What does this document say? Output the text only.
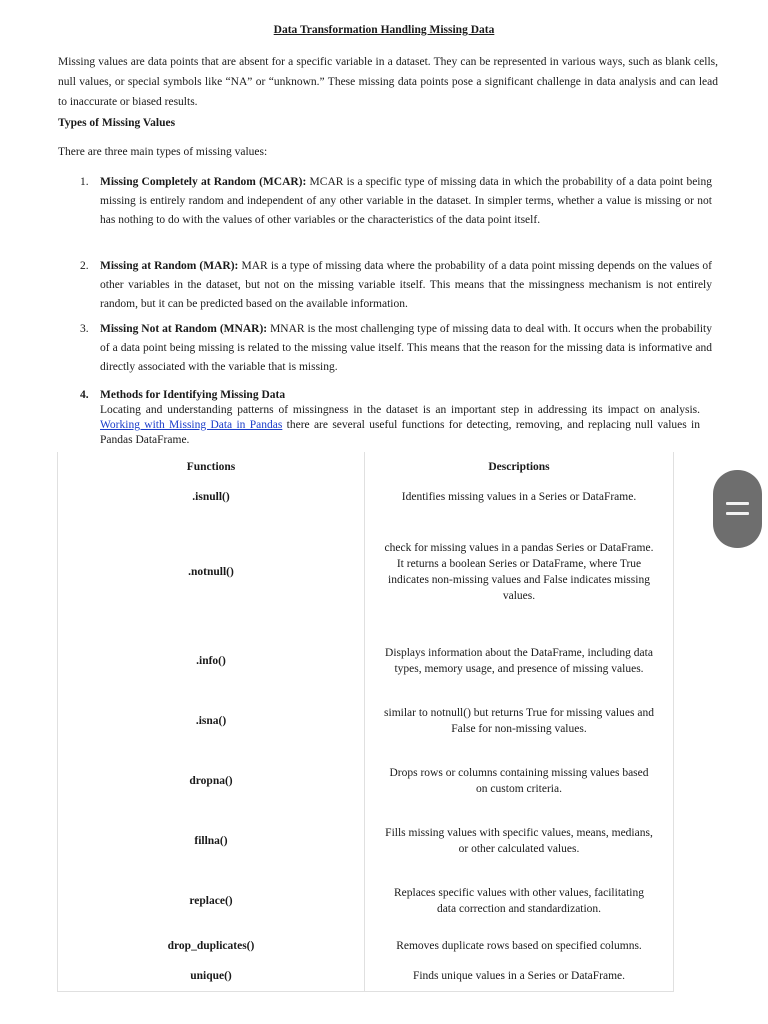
Data Transformation Handling Missing Data
Missing values are data points that are absent for a specific variable in a dataset. They can be represented in various ways, such as blank cells, null values, or special symbols like “NA” or “unknown.” These missing data points pose a significant challenge in data analysis and can lead to inaccurate or biased results.
Types of Missing Values
There are three main types of missing values:
1. Missing Completely at Random (MCAR): MCAR is a specific type of missing data in which the probability of a data point being missing is entirely random and independent of any other variable in the dataset. In simpler terms, whether a value is missing or not has nothing to do with the values of other variables or the characteristics of the data point itself.
2. Missing at Random (MAR): MAR is a type of missing data where the probability of a data point missing depends on the values of other variables in the dataset, but not on the missing variable itself. This means that the missingness mechanism is not entirely random, but it can be predicted based on the available information.
3. Missing Not at Random (MNAR): MNAR is the most challenging type of missing data to deal with. It occurs when the probability of a data point being missing is related to the missing value itself. This means that the reason for the missing data is informative and directly associated with the variable that is missing.
4. Methods for Identifying Missing Data
Locating and understanding patterns of missingness in the dataset is an important step in addressing its impact on analysis. Working with Missing Data in Pandas there are several useful functions for detecting, removing, and replacing null values in Pandas DataFrame.
Functions	Descriptions
.isnull()	Identifies missing values in a Series or DataFrame.
.notnull()	check for missing values in a pandas Series or DataFrame. It returns a boolean Series or DataFrame, where True indicates non-missing values and False indicates missing values.
.info()	Displays information about the DataFrame, including data types, memory usage, and presence of missing values.
.isna()	similar to notnull() but returns True for missing values and False for non-missing values.
dropna()	Drops rows or columns containing missing values based on custom criteria.
fillna()	Fills missing values with specific values, means, medians, or other calculated values.
replace()	Replaces specific values with other values, facilitating data correction and standardization.
drop_duplicates()	Removes duplicate rows based on specified columns.
unique()	Finds unique values in a Series or DataFrame.
